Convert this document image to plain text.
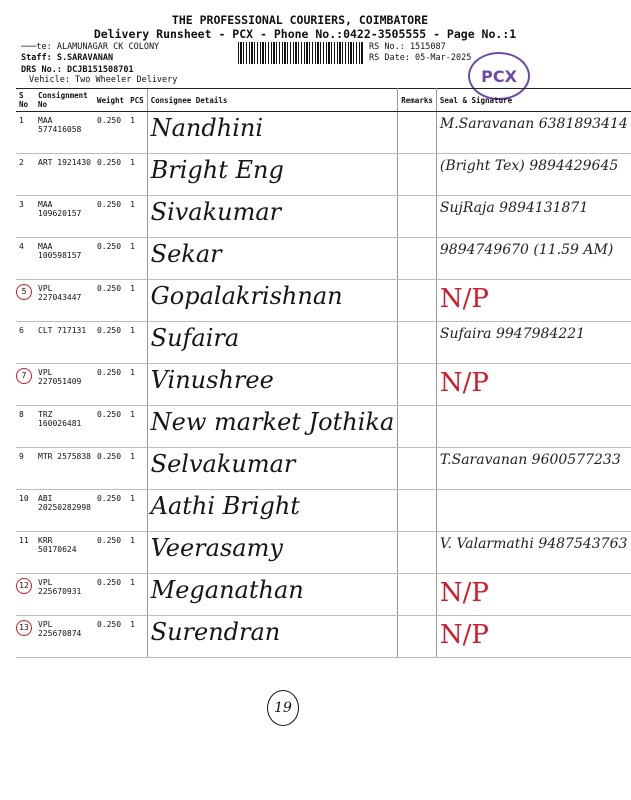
THE PROFESSIONAL COURIERS, COIMBATORE
Delivery Runsheet - PCX - Phone No.:0422-3505555 - Page No.:1
───te: ALAMUNAGAR CK COLONY
Staff: S.SARAVANAN
DRS No.: DCJB151508701
Vehicle: Two Wheeler Delivery
RS No.: 1515087
RS Date: 05-Mar-2025
PCX
S No	Consignment No	Weight	PCS	Consignee Details	Remarks	Seal & Signature
1	MAA 577416058	0.250	1	Nandhini		M.Saravanan 6381893414

2	ART 1921430	0.250	1	Bright Eng		(Bright Tex) 9894429645

3	MAA 109620157	0.250	1	Sivakumar		SujRaja 9894131871

4	MAA 100598157	0.250	1	Sekar		9894749670 (11.59 AM)

5	VPL 227043447	0.250	1	Gopalakrishnan		N/P

6	CLT 717131	0.250	1	Sufaira		Sufaira 9947984221

7	VPL 227051409	0.250	1	Vinushree		N/P

8	TRZ 160026481	0.250	1	New market Jothika		

9	MTR 2575838	0.250	1	Selvakumar		T.Saravanan 9600577233

10	ABI 20250282998	0.250	1	Aathi Bright		

11	KRR 50170624	0.250	1	Veerasamy		V. Valarmathi 9487543763

12	VPL 225670931	0.250	1	Meganathan		N/P

13	VPL 225670874	0.250	1	Surendran		N/P
19
